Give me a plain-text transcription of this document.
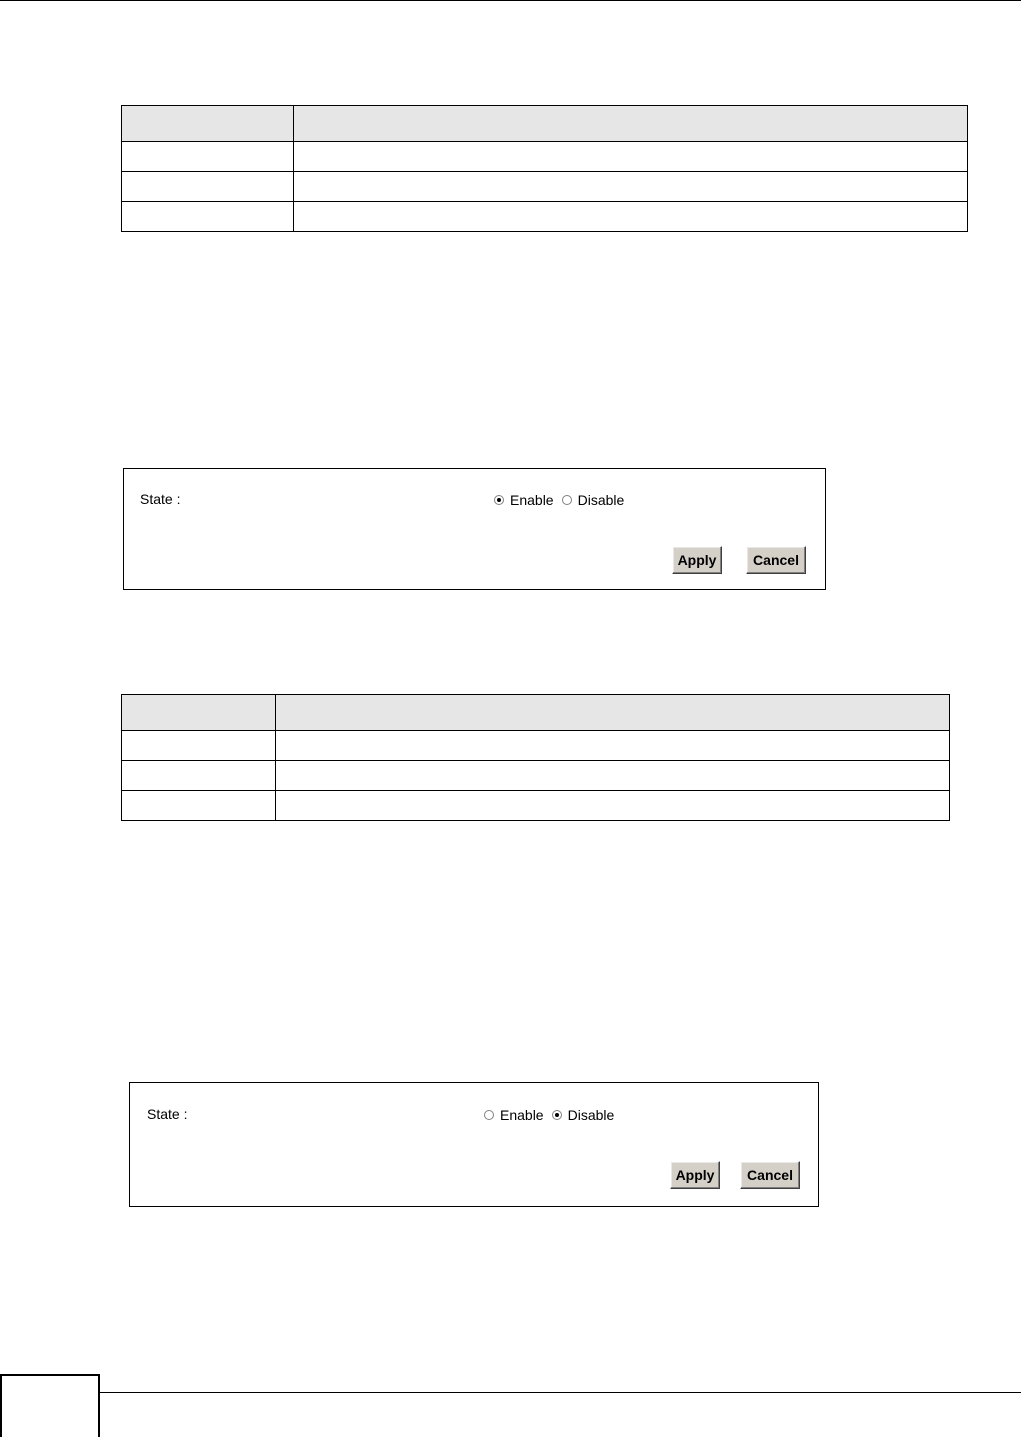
State :	Enable Disable
Apply	Cancel

State :	Enable Disable
Apply	Cancel
